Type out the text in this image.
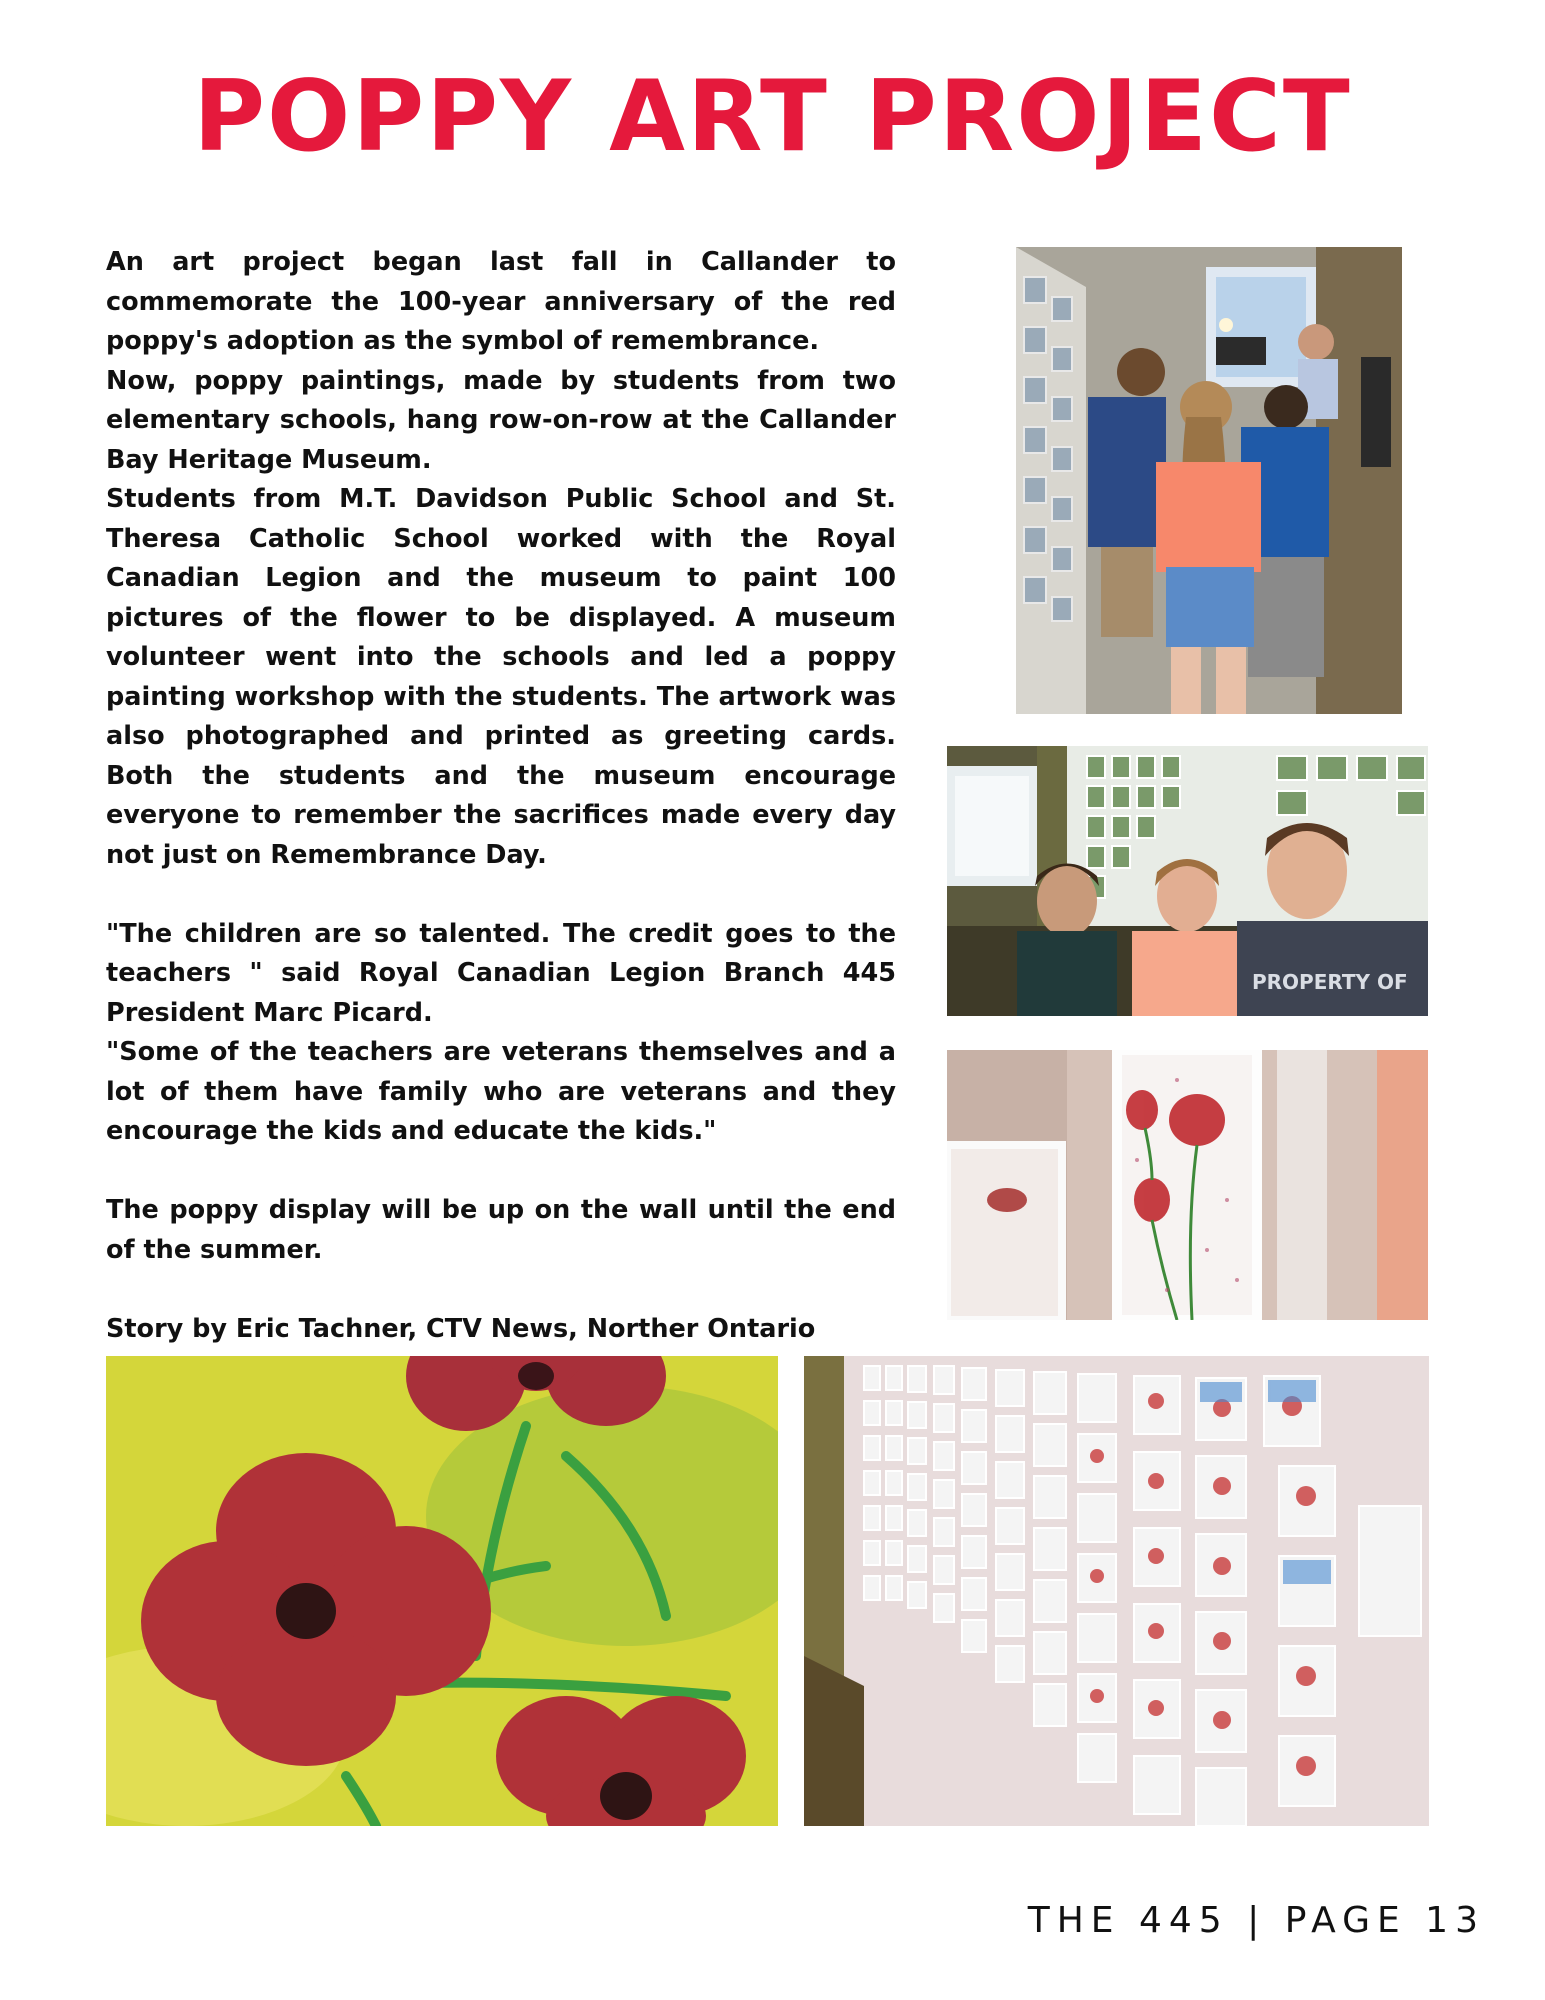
POPPY ART PROJECT

An art project began last fall in Callander to commemorate the 100-year anniversary of the red poppy's adoption as the symbol of remembrance.

Now, poppy paintings, made by students from two elementary schools, hang row-on-row at the Callander Bay Heritage Museum.

Students from M.T. Davidson Public School and St. Theresa Catholic School worked with the Royal Canadian Legion and the museum to paint 100 pictures of the flower to be displayed. A museum volunteer went into the schools and led a poppy painting workshop with the students. The artwork was also photographed and printed as greeting cards. Both the students and the museum encourage everyone to remember the sacrifices made every day not just on Remembrance Day.

"The children are so talented. The credit goes to the teachers " said Royal Canadian Legion Branch 445 President Marc Picard.

"Some of the teachers are veterans themselves and a lot of them have family who are veterans and they encourage the kids and educate the kids."

The poppy display will be up on the wall until the end of the summer.

Story by Eric Tachner, CTV News, Norther Ontario

PROPERTY OF
THE 445 | PAGE 13
